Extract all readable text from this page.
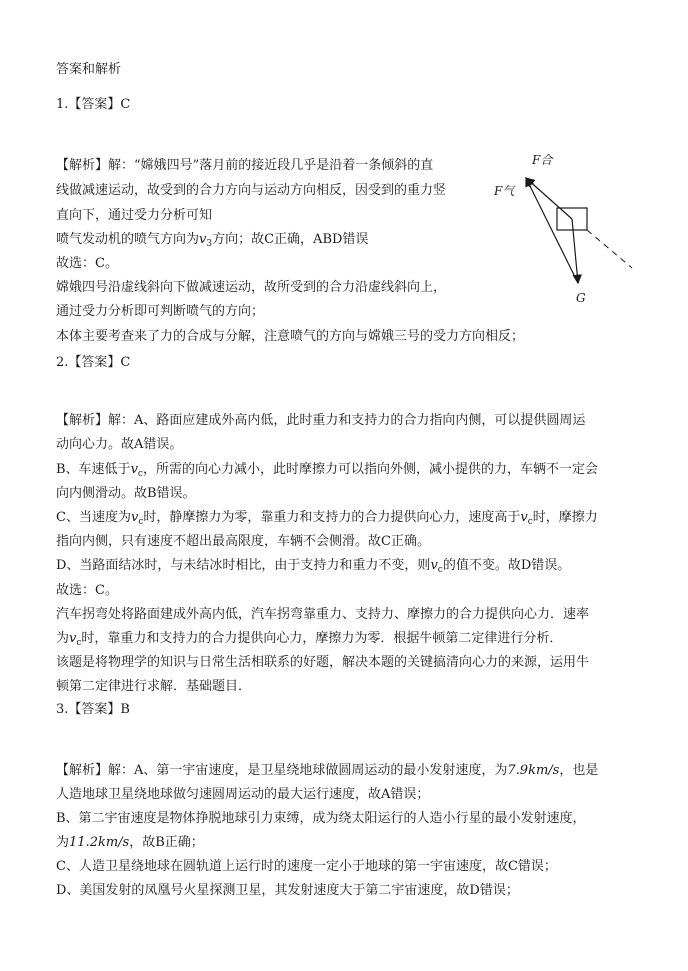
答案和解析
1.【答案】C
【解析】解：“嫦娥四号”落月前的接近段几乎是沿着一条倾斜的直
线做减速运动，故受到的合力方向与运动方向相反，因受到的重力竖
直向下，通过受力分析可知
喷气发动机的喷气方向为$v_3$方向；故C正确，ABD错误
故选：C。
嫦娥四号沿虚线斜向下做减速运动，故所受到的合力沿虚线斜向上，
通过受力分析即可判断喷气的方向；
本体主要考查来了力的合成与分解，注意喷气的方向与嫦娥三号的受力方向相反；
F合
F气
G
2.【答案】C
【解析】解：A、路面应建成外高内低，此时重力和支持力的合力指向内侧，可以提供圆周运
动向心力。故A错误。
B、车速低于$v_c$，所需的向心力减小，此时摩擦力可以指向外侧，减小提供的力，车辆不一定会
向内侧滑动。故B错误。
C、当速度为$v_c$时，静摩擦力为零，靠重力和支持力的合力提供向心力，速度高于$v_c$时，摩擦力
指向内侧，只有速度不超出最高限度，车辆不会侧滑。故C正确。
D、当路面结冰时，与未结冰时相比，由于支持力和重力不变，则$v_c$的值不变。故D错误。
故选：C。
汽车拐弯处将路面建成外高内低，汽车拐弯靠重力、支持力、摩擦力的合力提供向心力．速率
为$v_c$时，靠重力和支持力的合力提供向心力，摩擦力为零．根据牛顿第二定律进行分析．
该题是将物理学的知识与日常生活相联系的好题，解决本题的关键搞清向心力的来源，运用牛
顿第二定律进行求解．基础题目．
3.【答案】B
【解析】解：A、第一宇宙速度，是卫星绕地球做圆周运动的最小发射速度，为7.9km/s，也是
人造地球卫星绕地球做匀速圆周运动的最大运行速度，故A错误；
B、第二宇宙速度是物体挣脱地球引力束缚，成为绕太阳运行的人造小行星的最小发射速度，
为11.2km/s，故B正确；
C、人造卫星绕地球在圆轨道上运行时的速度一定小于地球的第一宇宙速度，故C错误；
D、美国发射的凤凰号火星探测卫星，其发射速度大于第二宇宙速度，故D错误；
